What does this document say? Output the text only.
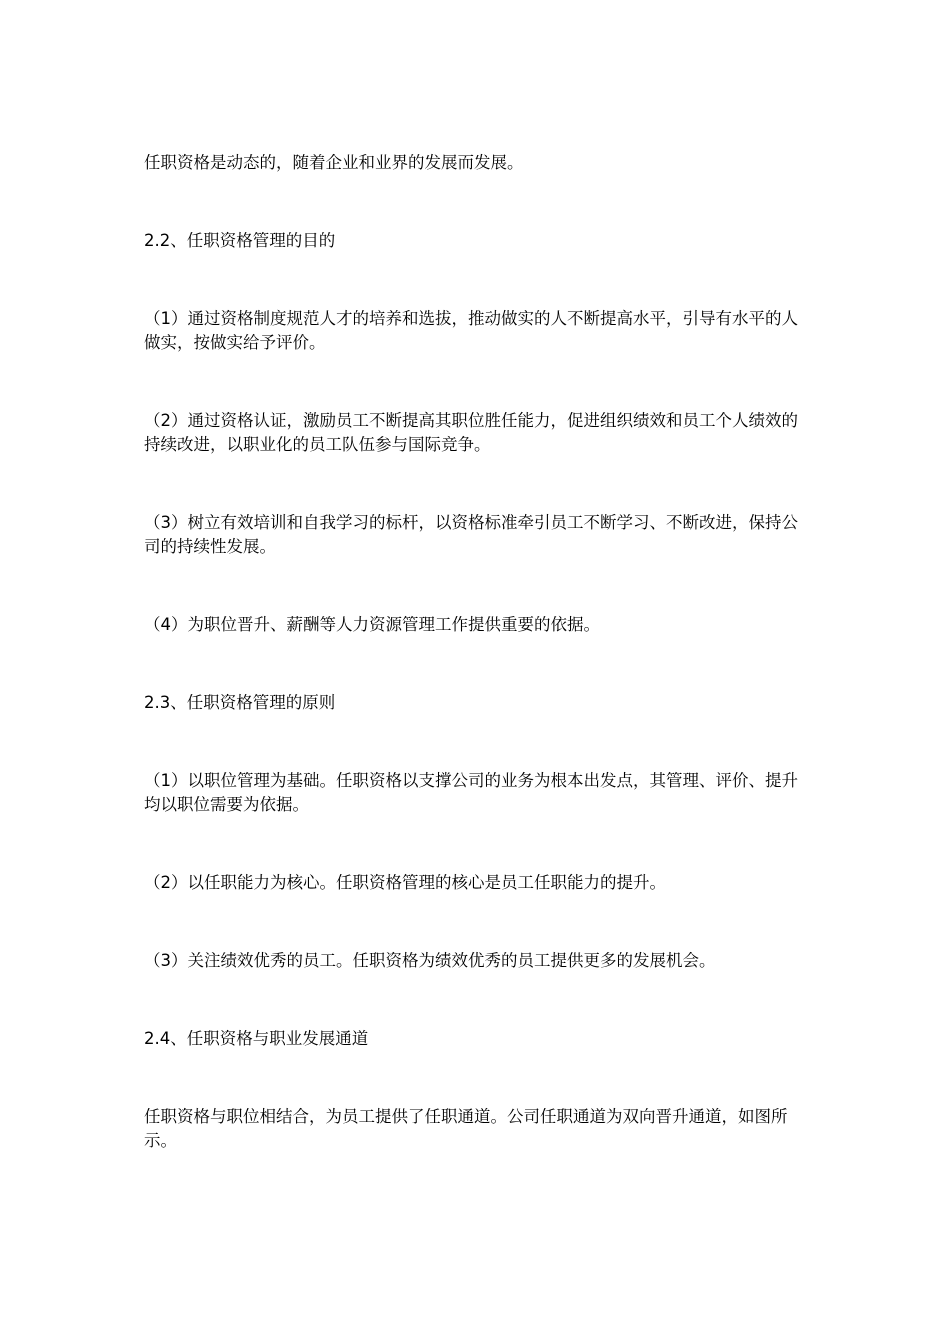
任职资格是动态的，随着企业和业界的发展而发展。

2.2、任职资格管理的目的

（1）通过资格制度规范人才的培养和选拔，推动做实的人不断提高水平，引导有水平的人做实，按做实给予评价。

（2）通过资格认证，激励员工不断提高其职位胜任能力，促进组织绩效和员工个人绩效的持续改进，以职业化的员工队伍参与国际竞争。

（3）树立有效培训和自我学习的标杆，以资格标准牵引员工不断学习、不断改进，保持公司的持续性发展。

（4）为职位晋升、薪酬等人力资源管理工作提供重要的依据。

2.3、任职资格管理的原则

（1）以职位管理为基础。任职资格以支撑公司的业务为根本出发点，其管理、评价、提升均以职位需要为依据。

（2）以任职能力为核心。任职资格管理的核心是员工任职能力的提升。

（3）关注绩效优秀的员工。任职资格为绩效优秀的员工提供更多的发展机会。

2.4、任职资格与职业发展通道

任职资格与职位相结合，为员工提供了任职通道。公司任职通道为双向晋升通道，如图所示。
